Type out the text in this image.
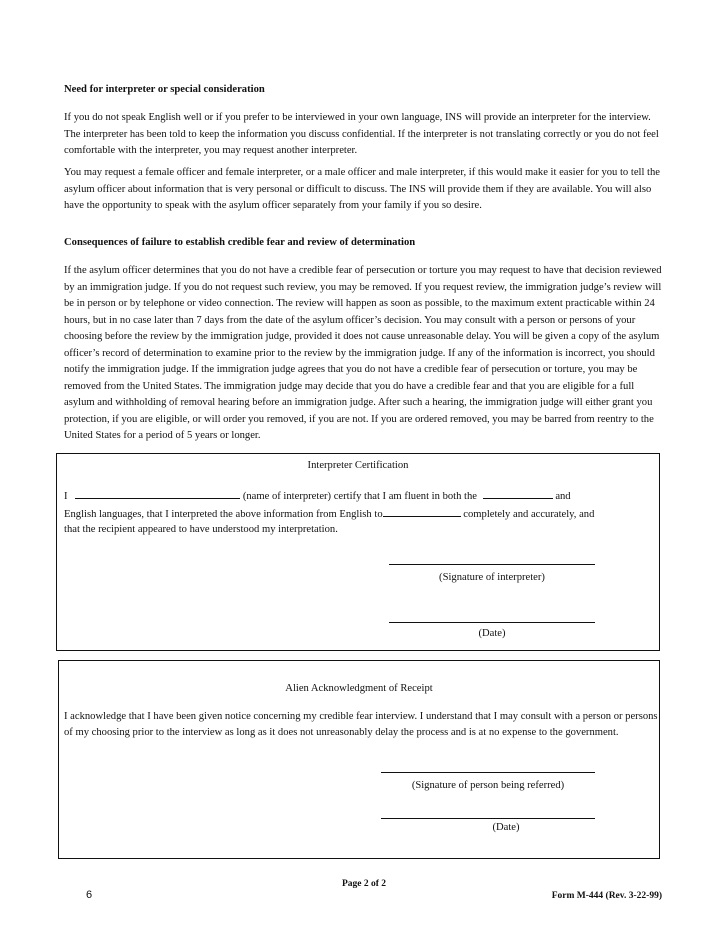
Need for interpreter or special consideration

If you do not speak English well or if you prefer to be interviewed in your own language, INS will provide an interpreter for the interview. The interpreter has been told to keep the information you discuss confidential. If the interpreter is not translating correctly or you do not feel comfortable with the interpreter, you may request another interpreter.

You may request a female officer and female interpreter, or a male officer and male interpreter, if this would make it easier for you to tell the asylum officer about information that is very personal or difficult to discuss. The INS will provide them if they are available. You will also have the opportunity to speak with the asylum officer separately from your family if you so desire.

Consequences of failure to establish credible fear and review of determination

If the asylum officer determines that you do not have a credible fear of persecution or torture you may request to have that decision reviewed by an immigration judge. If you do not request such review, you may be removed. If you request review, the immigration judge’s review will be in person or by telephone or video connection. The review will happen as soon as possible, to the maximum extent practicable within 24 hours, but in no case later than 7 days from the date of the asylum officer’s decision. You may consult with a person or persons of your choosing before the review by the immigration judge, provided it does not cause unreasonable delay. You will be given a copy of the asylum officer’s record of determination to examine prior to the review by the immigration judge. If any of the information is incorrect, you should notify the immigration judge. If the immigration judge agrees that you do not have a credible fear of persecution or torture, you may be removed from the United States. The immigration judge may decide that you do have a credible fear and that you are eligible for a full asylum and withholding of removal hearing before an immigration judge. After such a hearing, the immigration judge will either grant you protection, if you are eligible, or will order you removed, if you are not. If you are ordered removed, you may be barred from reentry to the United States for a period of 5 years or longer.

Interpreter Certification
I	(name of interpreter) certify that I am fluent in both the	and
English languages, that I interpreted the above information from English to	completely and accurately, and
that the recipient appeared to have understood my interpretation.
(Signature of interpreter)
(Date)
Alien Acknowledgment of Receipt

I acknowledge that I have been given notice concerning my credible fear interview. I understand that I may consult with a person or persons of my choosing prior to the interview as long as it does not unreasonably delay the process and is at no expense to the government.

(Signature of person being referred)
(Date)
Page 2 of 2
6	Form M-444 (Rev. 3-22-99)
